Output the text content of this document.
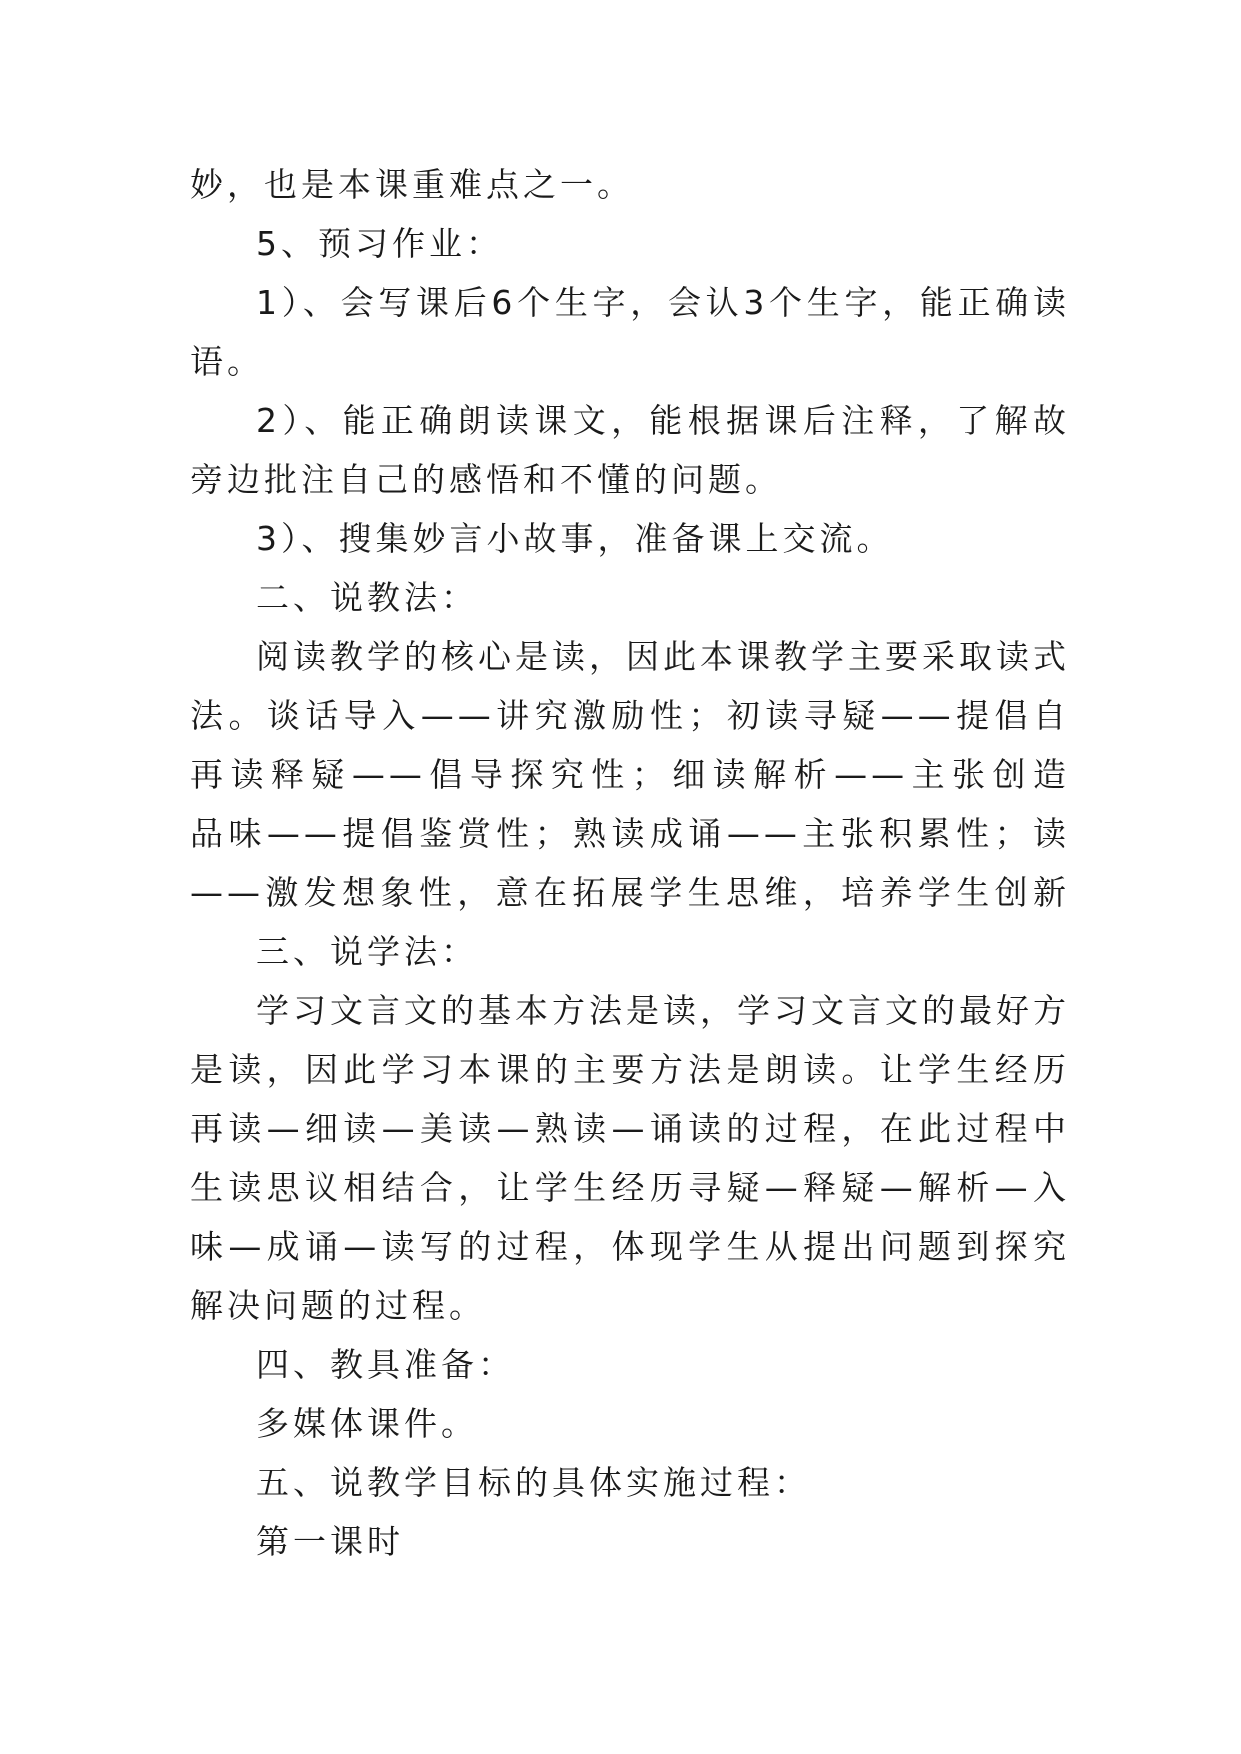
妙，也是本课重难点之一。
5、预习作业：
1）、会写课后6个生字，会认3个生字，能正确读
语。
2）、能正确朗读课文，能根据课后注释，了解故
旁边批注自己的感悟和不懂的问题。
3）、搜集妙言小故事，准备课上交流。
二、说教法：
阅读教学的核心是读，因此本课教学主要采取读式
法。谈话导入——讲究激励性；初读寻疑——提倡自
再读释疑——倡导探究性；细读解析——主张创造
品味——提倡鉴赏性；熟读成诵——主张积累性；读
——激发想象性，意在拓展学生思维，培养学生创新
三、说学法：
学习文言文的基本方法是读，学习文言文的最好方
是读，因此学习本课的主要方法是朗读。让学生经历
再读—细读—美读—熟读—诵读的过程，在此过程中
生读思议相结合，让学生经历寻疑—释疑—解析—入
味—成诵—读写的过程，体现学生从提出问题到探究
解决问题的过程。
四、教具准备：
多媒体课件。
五、说教学目标的具体实施过程：
第一课时
